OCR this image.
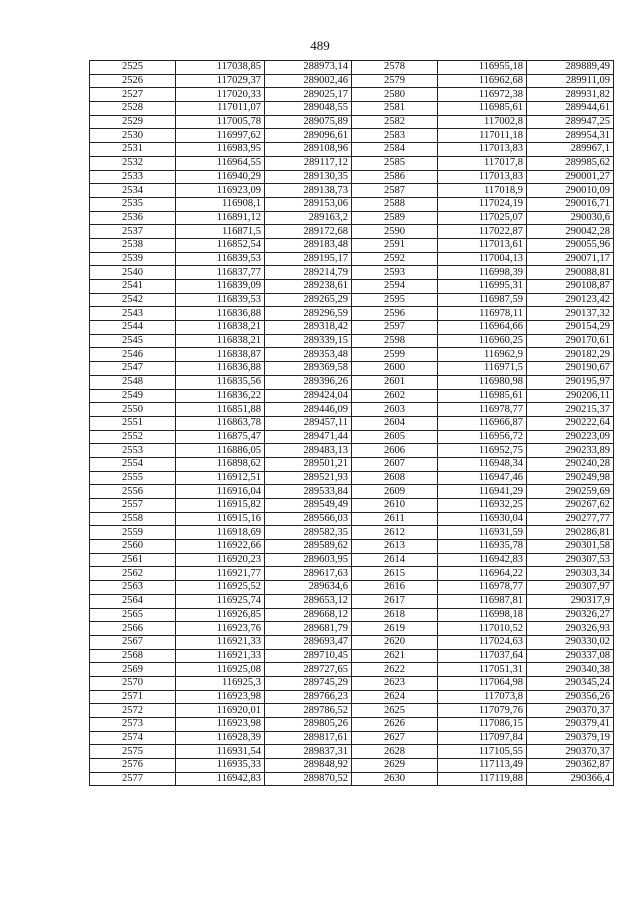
489
2525	117038,85	288973,14	2578	116955,18	289889,49
2526	117029,37	289002,46	2579	116962,68	289911,09
2527	117020,33	289025,17	2580	116972,38	289931,82
2528	117011,07	289048,55	2581	116985,61	289944,61
2529	117005,78	289075,89	2582	117002,8	289947,25
2530	116997,62	289096,61	2583	117011,18	289954,31
2531	116983,95	289108,96	2584	117013,83	289967,1
2532	116964,55	289117,12	2585	117017,8	289985,62
2533	116940,29	289130,35	2586	117013,83	290001,27
2534	116923,09	289138,73	2587	117018,9	290010,09
2535	116908,1	289153,06	2588	117024,19	290016,71
2536	116891,12	289163,2	2589	117025,07	290030,6
2537	116871,5	289172,68	2590	117022,87	290042,28
2538	116852,54	289183,48	2591	117013,61	290055,96
2539	116839,53	289195,17	2592	117004,13	290071,17
2540	116837,77	289214,79	2593	116998,39	290088,81
2541	116839,09	289238,61	2594	116995,31	290108,87
2542	116839,53	289265,29	2595	116987,59	290123,42
2543	116836,88	289296,59	2596	116978,11	290137,32
2544	116838,21	289318,42	2597	116964,66	290154,29
2545	116838,21	289339,15	2598	116960,25	290170,61
2546	116838,87	289353,48	2599	116962,9	290182,29
2547	116836,88	289369,58	2600	116971,5	290190,67
2548	116835,56	289396,26	2601	116980,98	290195,97
2549	116836,22	289424,04	2602	116985,61	290206,11
2550	116851,88	289446,09	2603	116978,77	290215,37
2551	116863,78	289457,11	2604	116966,87	290222,64
2552	116875,47	289471,44	2605	116956,72	290223,09
2553	116886,05	289483,13	2606	116952,75	290233,89
2554	116898,62	289501,21	2607	116948,34	290240,28
2555	116912,51	289521,93	2608	116947,46	290249,98
2556	116916,04	289533,84	2609	116941,29	290259,69
2557	116915,82	289549,49	2610	116932,25	290267,62
2558	116915,16	289566,03	2611	116930,04	290277,77
2559	116918,69	289582,35	2612	116931,59	290286,81
2560	116922,66	289589,62	2613	116935,78	290301,58
2561	116920,23	289603,95	2614	116942,83	290307,53
2562	116921,77	289617,63	2615	116964,22	290303,34
2563	116925,52	289634,6	2616	116978,77	290307,97
2564	116925,74	289653,12	2617	116987,81	290317,9
2565	116926,85	289668,12	2618	116998,18	290326,27
2566	116923,76	289681,79	2619	117010,52	290326,93
2567	116921,33	289693,47	2620	117024,63	290330,02
2568	116921,33	289710,45	2621	117037,64	290337,08
2569	116925,08	289727,65	2622	117051,31	290340,38
2570	116925,3	289745,29	2623	117064,98	290345,24
2571	116923,98	289766,23	2624	117073,8	290356,26
2572	116920,01	289786,52	2625	117079,76	290370,37
2573	116923,98	289805,26	2626	117086,15	290379,41
2574	116928,39	289817,61	2627	117097,84	290379,19
2575	116931,54	289837,31	2628	117105,55	290370,37
2576	116935,33	289848,92	2629	117113,49	290362,87
2577	116942,83	289870,52	2630	117119,88	290366,4
